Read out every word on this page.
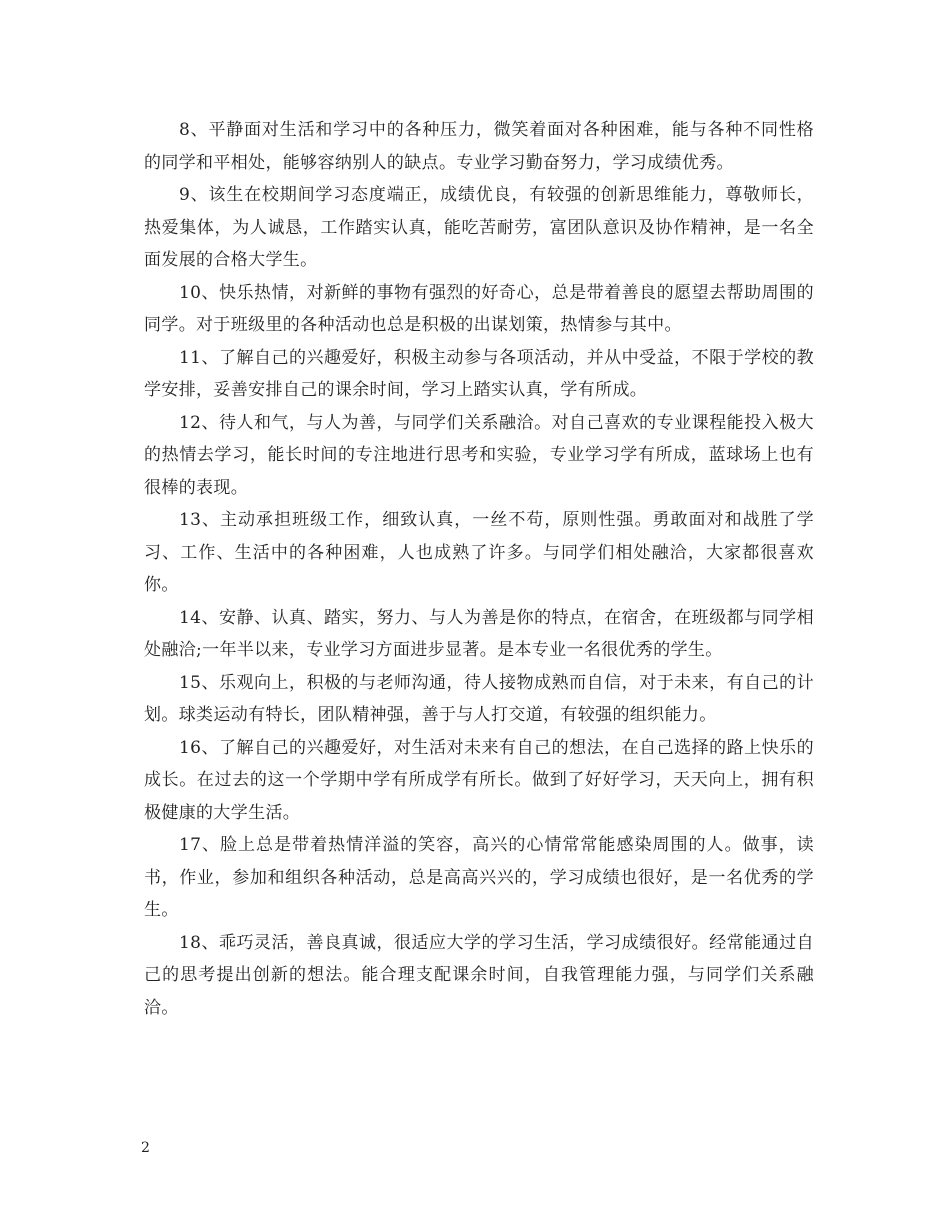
8、平静面对生活和学习中的各种压力，微笑着面对各种困难，能与各种不同性格的同学和平相处，能够容纳别人的缺点。专业学习勤奋努力，学习成绩优秀。

9、该生在校期间学习态度端正，成绩优良，有较强的创新思维能力，尊敬师长，热爱集体，为人诚恳，工作踏实认真，能吃苦耐劳，富团队意识及协作精神，是一名全面发展的合格大学生。

10、快乐热情，对新鲜的事物有强烈的好奇心，总是带着善良的愿望去帮助周围的同学。对于班级里的各种活动也总是积极的出谋划策，热情参与其中。

11、了解自己的兴趣爱好，积极主动参与各项活动，并从中受益，不限于学校的教学安排，妥善安排自己的课余时间，学习上踏实认真，学有所成。

12、待人和气，与人为善，与同学们关系融洽。对自己喜欢的专业课程能投入极大的热情去学习，能长时间的专注地进行思考和实验，专业学习学有所成，蓝球场上也有很棒的表现。

13、主动承担班级工作，细致认真，一丝不苟，原则性强。勇敢面对和战胜了学习、工作、生活中的各种困难，人也成熟了许多。与同学们相处融洽，大家都很喜欢你。

14、安静、认真、踏实，努力、与人为善是你的特点，在宿舍，在班级都与同学相处融洽;一年半以来，专业学习方面进步显著。是本专业一名很优秀的学生。

15、乐观向上，积极的与老师沟通，待人接物成熟而自信，对于未来，有自己的计划。球类运动有特长，团队精神强，善于与人打交道，有较强的组织能力。

16、了解自己的兴趣爱好，对生活对未来有自己的想法，在自己选择的路上快乐的成长。在过去的这一个学期中学有所成学有所长。做到了好好学习，天天向上，拥有积极健康的大学生活。

17、脸上总是带着热情洋溢的笑容，高兴的心情常常能感染周围的人。做事，读书，作业，参加和组织各种活动，总是高高兴兴的，学习成绩也很好，是一名优秀的学生。

18、乖巧灵活，善良真诚，很适应大学的学习生活，学习成绩很好。经常能通过自己的思考提出创新的想法。能合理支配课余时间，自我管理能力强，与同学们关系融洽。

2
